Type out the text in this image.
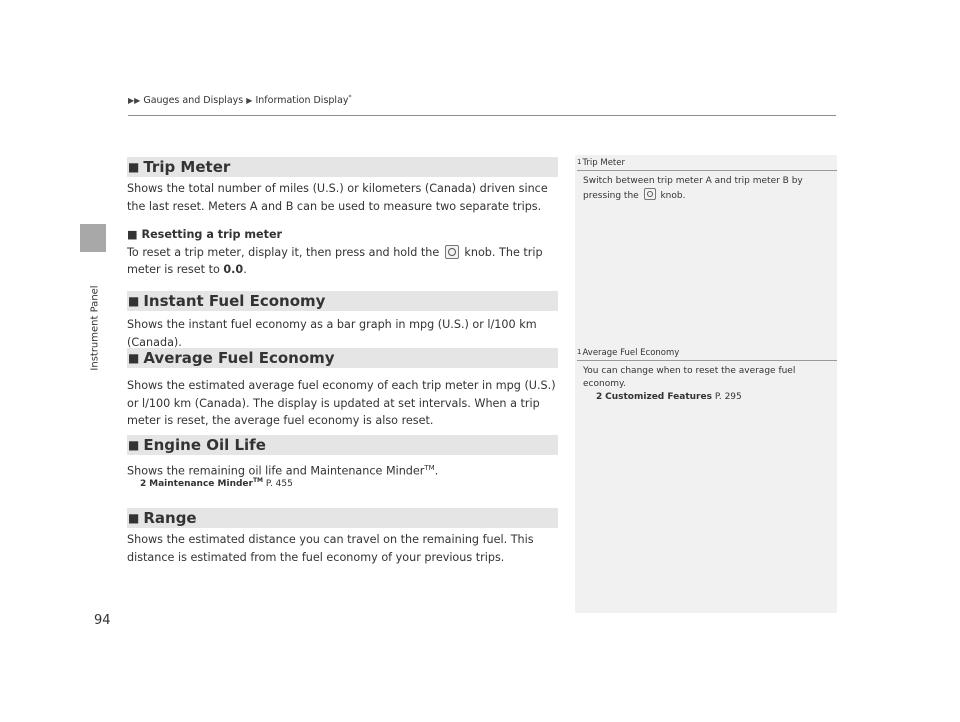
▶▶ Gauges and Displays ▶ Information Display*
Instrument Panel
■ Trip Meter
Shows the total number of miles (U.S.) or kilometers (Canada) driven since the last reset. Meters A and B can be used to measure two separate trips.
■ Resetting a trip meter
To reset a trip meter, display it, then press and hold the knob. The trip meter is reset to 0.0.
■ Instant Fuel Economy
Shows the instant fuel economy as a bar graph in mpg (U.S.) or l/100 km (Canada).
■ Average Fuel Economy
Shows the estimated average fuel economy of each trip meter in mpg (U.S.) or l/100 km (Canada). The display is updated at set intervals. When a trip meter is reset, the average fuel economy is also reset.
■ Engine Oil Life
Shows the remaining oil life and Maintenance Minder™.
2 Maintenance Minder™ P. 455
■ Range
Shows the estimated distance you can travel on the remaining fuel. This distance is estimated from the fuel economy of your previous trips.
1Trip Meter
Switch between trip meter A and trip meter B by pressing the knob.
1Average Fuel Economy
You can change when to reset the average fuel economy.
2 Customized Features P. 295
94
